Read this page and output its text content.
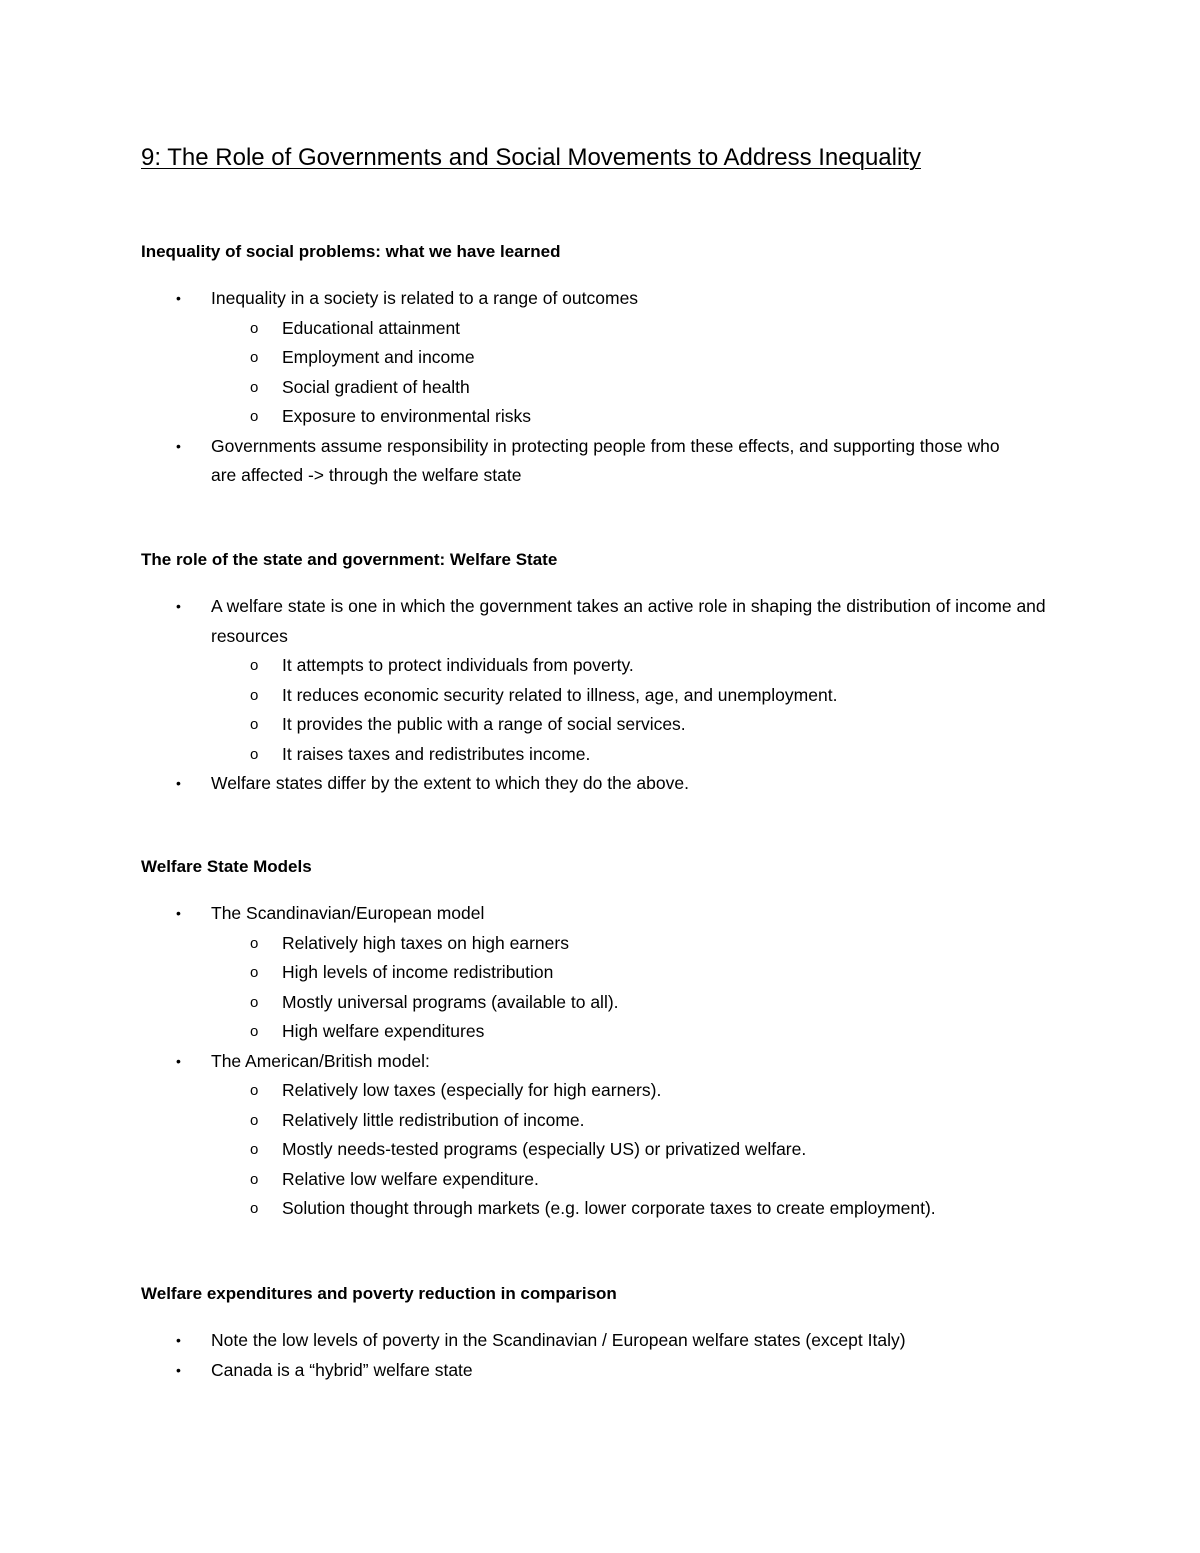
9: The Role of Governments and Social Movements to Address Inequality
Inequality of social problems: what we have learned
• Inequality in a society is related to a range of outcomes
o Educational attainment
o Employment and income
o Social gradient of health
o Exposure to environmental risks
• Governments assume responsibility in protecting people from these effects, and supporting those who are affected -> through the welfare state
The role of the state and government: Welfare State
• A welfare state is one in which the government takes an active role in shaping the distribution of income and resources
o It attempts to protect individuals from poverty.
o It reduces economic security related to illness, age, and unemployment.
o It provides the public with a range of social services.
o It raises taxes and redistributes income.
• Welfare states differ by the extent to which they do the above.
Welfare State Models
• The Scandinavian/European model
o Relatively high taxes on high earners
o High levels of income redistribution
o Mostly universal programs (available to all).
o High welfare expenditures
• The American/British model:
o Relatively low taxes (especially for high earners).
o Relatively little redistribution of income.
o Mostly needs-tested programs (especially US) or privatized welfare.
o Relative low welfare expenditure.
o Solution thought through markets (e.g. lower corporate taxes to create employment).
Welfare expenditures and poverty reduction in comparison
• Note the low levels of poverty in the Scandinavian / European welfare states (except Italy)
• Canada is a “hybrid” welfare state
